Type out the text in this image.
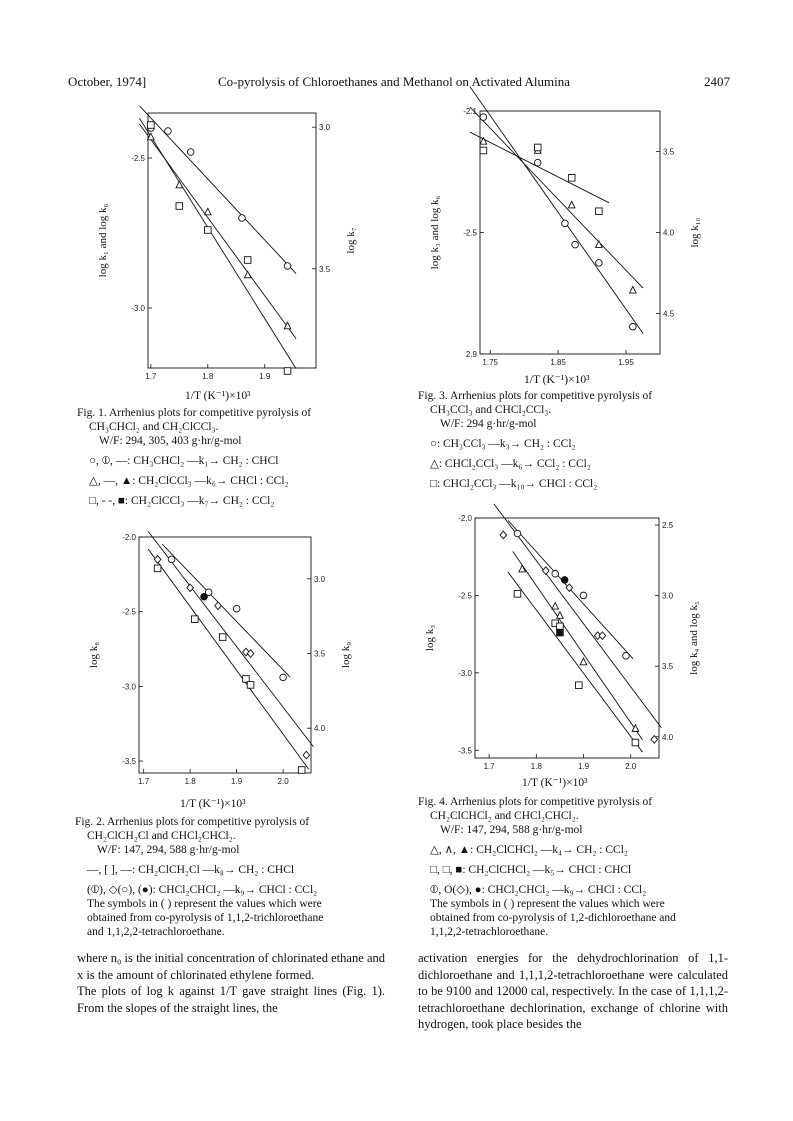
October, 1974]	Co-pyrolysis of Chloroethanes and Methanol on Activated Alumina	2407
1.7	1.8	1.9
-2.5
-3.0
3.0
3.5
log k₁ and log k₆	log k₇
1/T (K⁻¹)×10³
Fig. 1. Arrhenius plots for competitive pyrolysis of
CH₃CHCl₂ and CH₂ClCCl₃.
W/F: 294, 305, 403 g·hr/g-mol
○, ⦶, —: CH₃CHCl₂ —k₁→ CH₂ : CHCl
△, —, ▲: CH₂ClCCl₃ —k₆→ CHCl : CCl₂
□, - -, ■: CH₂ClCCl₃ —k₇→ CH₂ : CCl₂
1.7	1.8	1.9	2.0
-2.0
-2.5
-3.0
-3.5
3.0
3.5
4.0
log k₈	log k₉
1/T (K⁻¹)×10³
Fig. 2. Arrhenius plots for competitive pyrolysis of
CH₂ClCH₂Cl and CHCl₂CHCl₂.
W/F: 147, 294, 588 g·hr/g-mol
—, [ ], —: CH₂ClCH₂Cl —k₈→ CH₂ : CHCl
(⦶), ◇(○), (●): CHCl₂CHCl₂ —k₉→ CHCl : CCl₂
The symbols in ( ) represent the values which were
obtained from co-pyrolysis of 1,1,2-trichloroethane
and 1,1,2,2-tetrachloroethane.
1.75	1.85	1.95
-2.1
-2.5
2.9
3.5
4.0
4.5
log k₃ and log k₆	log k₁₀
1/T (K⁻¹)×10³
Fig. 3. Arrhenius plots for competitive pyrolysis of
CH₃CCl₃ and CHCl₂CCl₃.
W/F: 294 g·hr/g-mol
○: CH₃CCl₃ —k₃→ CH₂ : CCl₂
△: CHCl₂CCl₃ —k₆→ CCl₂ : CCl₂
□: CHCl₂CCl₃ —k₁₀→ CHCl : CCl₂
1.7	1.8	1.9	2.0
-2.0
-2.5
-3.0
-3.5
2.5
3.0
3.5
4.0
log k₃	log k₄ and log k₅
1/T (K⁻¹)×10³
Fig. 4. Arrhenius plots for competitive pyrolysis of
CH₂ClCHCl₂ and CHCl₂CHCl₂.
W/F: 147, 294, 588 g·hr/g-mol
△, ∧, ▲: CH₂ClCHCl₂ —k₄→ CH₂ : CCl₂
□, □, ■: CH₂ClCHCl₂ —k₅→ CHCl : CHCl
⦶, O(◇), ●: CHCl₂CHCl₂ —k₉→ CHCl : CCl₂
The symbols in ( ) represent the values which were
obtained from co-pyrolysis of 1,2-dichloroethane and
1,1,2,2-tetrachloroethane.
where n₀ is the initial concentration of chlorinated ethane and x is the amount of chlorinated ethylene formed.
The plots of log k against 1/T gave straight lines (Fig. 1). From the slopes of the straight lines, the
activation energies for the dehydrochlorination of 1,1-dichloroethane and 1,1,1,2-tetrachloroethane were calculated to be 9100 and 12000 cal, respectively. In the case of 1,1,1,2-tetrachloroethane dechlorination, exchange of chlorine with hydrogen, took place besides the
